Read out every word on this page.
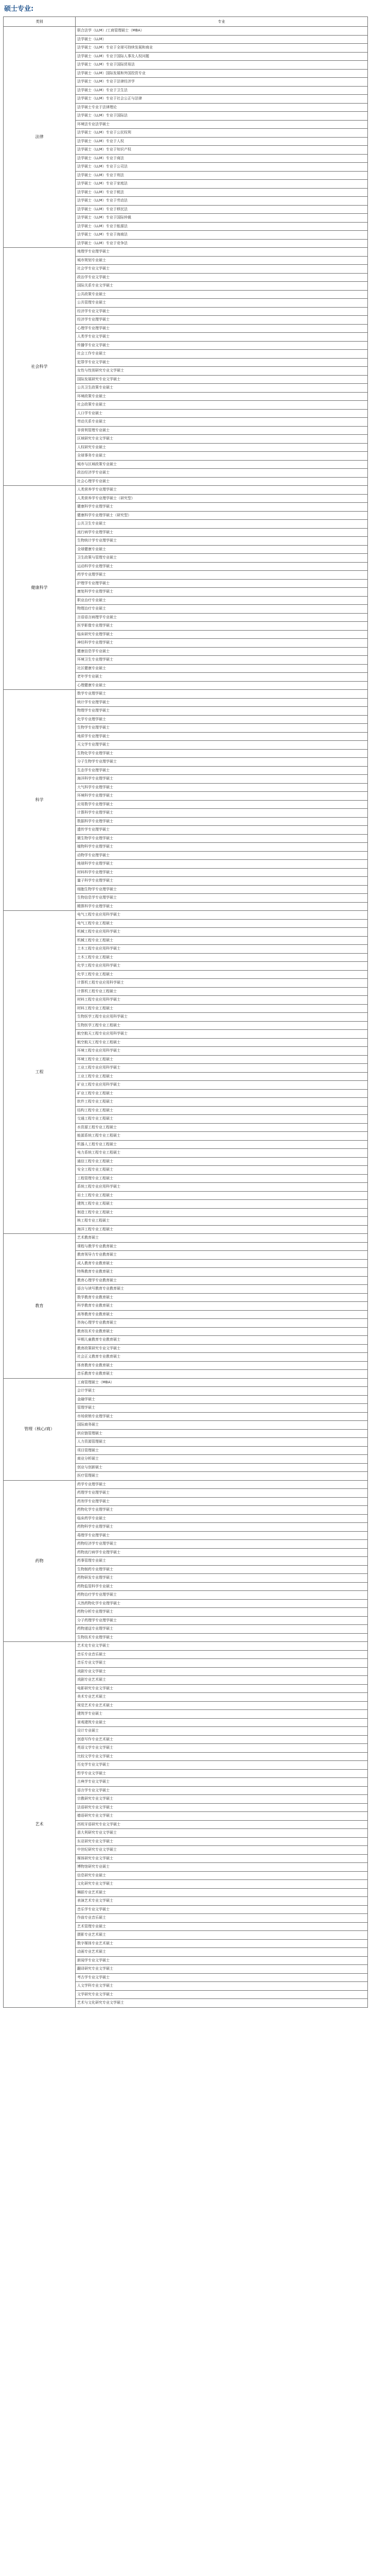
硕士专业:
类别	专业
法律	联合法学（LLM）/工商管理硕士（MBA）
	法学硕士（LLM）
	法学硕士（LLM）专业于全球可持续发展和商业
	法学硕士（LLM）专业于国际人事及人权问题
	法学硕士（LLM）专业于国际贸易法
	法学硕士（LLM）国际发展和外国投资专业
	法学硕士（LLM）专业于法律经济学
	法学硕士（LLM）专业于卫生法
	法学硕士（LLM）专业于社会公正与法律
	法学硕士专业于法律理论
	法学硕士（LLM）专业于国际法
	环境法专业法学硕士
	法学硕士（LLM）专业于公民权利
	法学硕士（LLM）专业于人权
	法学硕士（LLM）专业于知识产权
	法学硕士（LLM）专业于商法
	法学硕士（LLM）专业于公司法
	法学硕士（LLM）专业于刑法
	法学硕士（LLM）专业于家庭法
	法学硕士（LLM）专业于税法
	法学硕士（LLM）专业于劳动法
	法学硕士（LLM）专业于移民法
	法学硕士（LLM）专业于国际仲裁
	法学硕士（LLM）专业于能源法
	法学硕士（LLM）专业于海商法
	法学硕士（LLM）专业于竞争法
社会科学	地理学专业理学硕士
	城市规划专业硕士
	社会学专业文学硕士
	政治学专业文学硕士
	国际关系专业文学硕士
	公共政策专业硕士
	公共管理专业硕士
	经济学专业文学硕士
	经济学专业理学硕士
	心理学专业理学硕士
	人类学专业文学硕士
	传播学专业文学硕士
	社会工作专业硕士
	犯罪学专业文学硕士
	女性与性别研究专业文学硕士
	国际发展研究专业文学硕士
	公共卫生政策专业硕士
	环境政策专业硕士
	社会政策专业硕士
	人口学专业硕士
	劳动关系专业硕士
	非营利管理专业硕士
	区域研究专业文学硕士
	人权研究专业硕士
	全球事务专业硕士
	城市与区域政策专业硕士
	政治经济学专业硕士
	社会心理学专业硕士
健康科学	人类营养学专业理学硕士
	人类营养学专业理学硕士（研究型）
	健康科学专业理学硕士
	健康科学专业理学硕士（研究型）
	公共卫生专业硕士
	流行病学专业理学硕士
	生物统计学专业理学硕士
	全球健康专业硕士
	卫生政策与管理专业硕士
	运动科学专业理学硕士
	药学专业理学硕士
	护理学专业理学硕士
	康复科学专业理学硕士
	职业治疗专业硕士
	物理治疗专业硕士
	言语语言病理学专业硕士
	医学影像专业理学硕士
	临床研究专业理学硕士
	神经科学专业理学硕士
	健康信息学专业硕士
	环境卫生专业理学硕士
	社区健康专业硕士
	老年学专业硕士
	心理健康专业硕士
科学	数学专业理学硕士
	统计学专业理学硕士
	物理学专业理学硕士
	化学专业理学硕士
	生物学专业理学硕士
	地质学专业理学硕士
	天文学专业理学硕士
	生物化学专业理学硕士
	分子生物学专业理学硕士
	生态学专业理学硕士
	海洋科学专业理学硕士
	大气科学专业理学硕士
	环境科学专业理学硕士
	应用数学专业理学硕士
	计算科学专业理学硕士
	数据科学专业理学硕士
	遗传学专业理学硕士
	微生物学专业理学硕士
	植物科学专业理学硕士
	动物学专业理学硕士
	地球科学专业理学硕士
	材料科学专业理学硕士
	量子科学专业理学硕士
	细胞生物学专业理学硕士
	生物信息学专业理学硕士
	精算科学专业理学硕士
工程	电气工程专业应用科学硕士
	电气工程专业工程硕士
	机械工程专业应用科学硕士
	机械工程专业工程硕士
	土木工程专业应用科学硕士
	土木工程专业工程硕士
	化学工程专业应用科学硕士
	化学工程专业工程硕士
	计算机工程专业应用科学硕士
	计算机工程专业工程硕士
	材料工程专业应用科学硕士
	材料工程专业工程硕士
	生物医学工程专业应用科学硕士
	生物医学工程专业工程硕士
	航空航天工程专业应用科学硕士
	航空航天工程专业工程硕士
	环境工程专业应用科学硕士
	环境工程专业工程硕士
	工业工程专业应用科学硕士
	工业工程专业工程硕士
	矿业工程专业应用科学硕士
	矿业工程专业工程硕士
	软件工程专业工程硕士
	结构工程专业工程硕士
	交通工程专业工程硕士
	水资源工程专业工程硕士
	能源系统工程专业工程硕士
	机器人工程专业工程硕士
	电力系统工程专业工程硕士
	通信工程专业工程硕士
	安全工程专业工程硕士
	工程管理专业工程硕士
	系统工程专业应用科学硕士
	岩土工程专业工程硕士
	建筑工程专业工程硕士
	制造工程专业工程硕士
	核工程专业工程硕士
	海洋工程专业工程硕士
教育	艺术教育硕士
	课程与教学专业教育硕士
	教育领导力专业教育硕士
	成人教育专业教育硕士
	特殊教育专业教育硕士
	教育心理学专业教育硕士
	语言与读写教育专业教育硕士
	数学教育专业教育硕士
	科学教育专业教育硕士
	高等教育专业教育硕士
	咨询心理学专业教育硕士
	教育技术专业教育硕士
	早期儿童教育专业教育硕士
	教育政策研究专业文学硕士
	社会正义教育专业教育硕士
	体育教育专业教育硕士
	音乐教育专业教育硕士
管理（核心/商）	工商管理硕士（MBA）
	会计学硕士
	金融学硕士
	管理学硕士
	市场营销专业理学硕士
	国际商务硕士
	供应链管理硕士
	人力资源管理硕士
	项目管理硕士
	商业分析硕士
	创业与创新硕士
	医疗管理硕士
药物	药学专业理学硕士
	药理学专业理学硕士
	药剂学专业理学硕士
	药物化学专业理学硕士
	临床药学专业硕士
	药物科学专业理学硕士
	毒理学专业理学硕士
	药物经济学专业理学硕士
	药物流行病学专业理学硕士
	药事管理专业硕士
	生物制药专业理学硕士
	药物研发专业理学硕士
	药物监管科学专业硕士
	药物治疗学专业理学硕士
	天然药物化学专业理学硕士
	药物分析专业理学硕士
	分子药理学专业理学硕士
	药物递送专业理学硕士
	生物技术专业理学硕士
艺术	艺术史专业文学硕士
	音乐专业音乐硕士
	音乐专业文学硕士
	戏剧专业文学硕士
	戏剧专业艺术硕士
	电影研究专业文学硕士
	美术专业艺术硕士
	视觉艺术专业艺术硕士
	建筑学专业硕士
	景观建筑专业硕士
	设计专业硕士
	创意写作专业艺术硕士
	英语文学专业文学硕士
	比较文学专业文学硕士
	历史学专业文学硕士
	哲学专业文学硕士
	古典学专业文学硕士
	语言学专业文学硕士
	宗教研究专业文学硕士
	法语研究专业文学硕士
	德语研究专业文学硕士
	西班牙语研究专业文学硕士
	意大利研究专业文学硕士
	东亚研究专业文学硕士
	中世纪研究专业文学硕士
	媒体研究专业文学硕士
	博物馆研究专业硕士
	信息研究专业硕士
	文化研究专业文学硕士
	舞蹈专业艺术硕士
	表演艺术专业文学硕士
	音乐学专业文学硕士
	作曲专业音乐硕士
	艺术管理专业硕士
	摄影专业艺术硕士
	数字媒体专业艺术硕士
	动画专业艺术硕士
	新闻学专业文学硕士
	翻译研究专业文学硕士
	考古学专业文学硕士
	人文学科专业文学硕士
	文学研究专业文学硕士
	艺术与文化研究专业文学硕士
